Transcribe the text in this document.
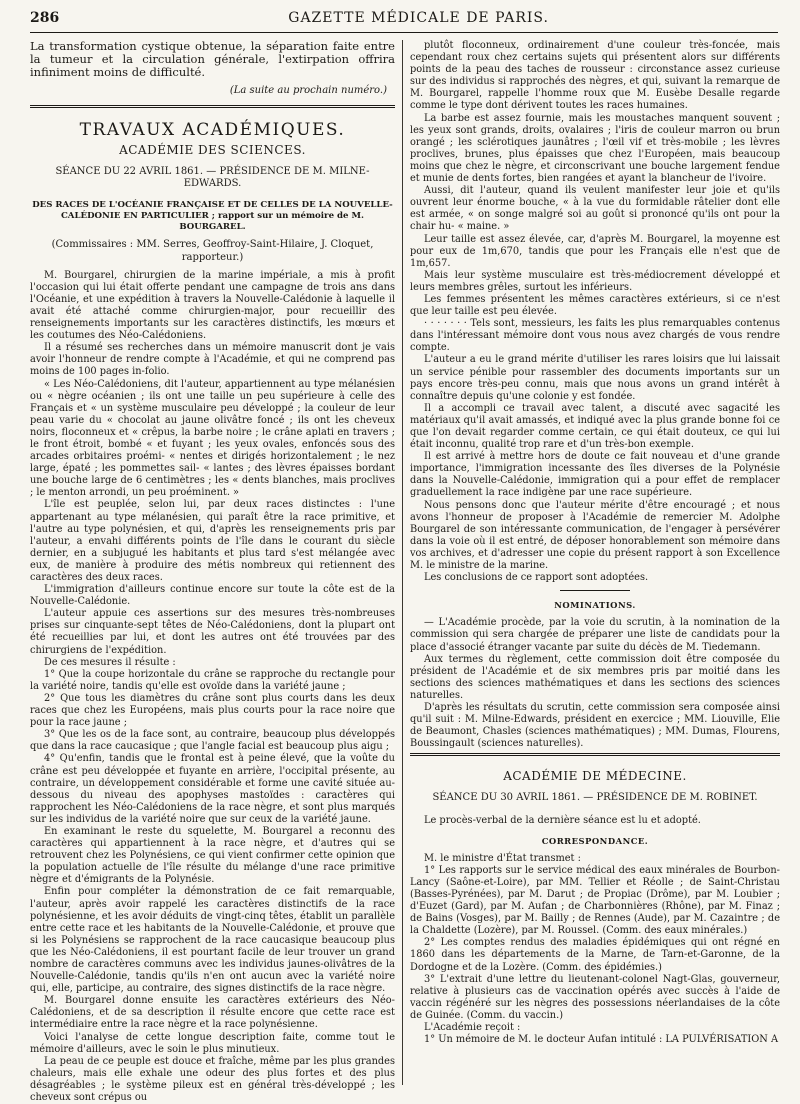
286	GAZETTE MÉDICALE DE PARIS.

La transformation cystique obtenue, la séparation faite entre la tumeur et la circulation générale, l'extirpation offrira infiniment moins de difficulté.

(La suite au prochain numéro.)
TRAVAUX ACADÉMIQUES.
ACADÉMIE DES SCIENCES.
SÉANCE DU 22 AVRIL 1861. — PRÉSIDENCE DE M. MILNE-EDWARDS.
DES RACES DE L'OCÉANIE FRANÇAISE ET DE CELLES DE LA NOUVELLE-CALÉDONIE EN PARTICULIER ; rapport sur un mémoire de M. BOURGAREL.
(Commissaires : MM. Serres, Geoffroy-Saint-Hilaire, J. Cloquet, rapporteur.)

M. Bourgarel, chirurgien de la marine impériale, a mis à profit l'occasion qui lui était offerte pendant une campagne de trois ans dans l'Océanie, et une expédition à travers la Nouvelle-Calédonie à laquelle il avait été attaché comme chirurgien-major, pour recueillir des renseignements importants sur les caractères distinctifs, les mœurs et les coutumes des Néo-Calédoniens.

Il a résumé ses recherches dans un mémoire manuscrit dont je vais avoir l'honneur de rendre compte à l'Académie, et qui ne comprend pas moins de 100 pages in-folio.

« Les Néo-Calédoniens, dit l'auteur, appartiennent au type mélanésien ou « nègre océanien ; ils ont une taille un peu supérieure à celle des Français et « un système musculaire peu développé ; la couleur de leur peau varie du « chocolat au jaune olivâtre foncé ; ils ont les cheveux noirs, floconneux et « crêpus, la barbe noire ; le crâne aplati en travers ; le front étroit, bombé « et fuyant ; les yeux ovales, enfoncés sous des arcades orbitaires proémi- « nentes et dirigés horizontalement ; le nez large, épaté ; les pommettes sail- « lantes ; des lèvres épaisses bordant une bouche large de 6 centimètres ; les « dents blanches, mais proclives ; le menton arrondi, un peu proéminent. »

L'île est peuplée, selon lui, par deux races distinctes : l'une appartenant au type mélanésien, qui paraît être la race primitive, et l'autre au type polynésien, et qui, d'après les renseignements pris par l'auteur, a envahi différents points de l'île dans le courant du siècle dernier, en a subjugué les habitants et plus tard s'est mélangée avec eux, de manière à produire des métis nombreux qui retiennent des caractères des deux races.

L'immigration d'ailleurs continue encore sur toute la côte est de la Nouvelle-Calédonie.

L'auteur appuie ces assertions sur des mesures très-nombreuses prises sur cinquante-sept têtes de Néo-Calédoniens, dont la plupart ont été recueillies par lui, et dont les autres ont été trouvées par des chirurgiens de l'expédition.

De ces mesures il résulte :

1° Que la coupe horizontale du crâne se rapproche du rectangle pour la variété noire, tandis qu'elle est ovoïde dans la variété jaune ;

2° Que tous les diamètres du crâne sont plus courts dans les deux races que chez les Européens, mais plus courts pour la race noire que pour la race jaune ;

3° Que les os de la face sont, au contraire, beaucoup plus développés que dans la race caucasique ; que l'angle facial est beaucoup plus aigu ;

4° Qu'enfin, tandis que le frontal est à peine élevé, que la voûte du crâne est peu développée et fuyante en arrière, l'occipital présente, au contraire, un développement considérable et forme une cavité située au-dessous du niveau des apophyses mastoïdes : caractères qui rapprochent les Néo-Calédoniens de la race nègre, et sont plus marqués sur les individus de la variété noire que sur ceux de la variété jaune.

En examinant le reste du squelette, M. Bourgarel a reconnu des caractères qui appartiennent à la race nègre, et d'autres qui se retrouvent chez les Polynésiens, ce qui vient confirmer cette opinion que la population actuelle de l'île résulte du mélange d'une race primitive nègre et d'émigrants de la Polynésie.

Enfin pour compléter la démonstration de ce fait remarquable, l'auteur, après avoir rappelé les caractères distinctifs de la race polynésienne, et les avoir déduits de vingt-cinq têtes, établit un parallèle entre cette race et les habitants de la Nouvelle-Calédonie, et prouve que si les Polynésiens se rapprochent de la race caucasique beaucoup plus que les Néo-Calédoniens, il est pourtant facile de leur trouver un grand nombre de caractères communs avec les individus jaunes-olivâtres de la Nouvelle-Calédonie, tandis qu'ils n'en ont aucun avec la variété noire qui, elle, participe, au contraire, des signes distinctifs de la race nègre.

M. Bourgarel donne ensuite les caractères extérieurs des Néo-Calédoniens, et de sa description il résulte encore que cette race est intermédiaire entre la race nègre et la race polynésienne.

Voici l'analyse de cette longue description faite, comme tout le mémoire d'ailleurs, avec le soin le plus minutieux.

La peau de ce peuple est douce et fraîche, même par les plus grandes chaleurs, mais elle exhale une odeur des plus fortes et des plus désagréables ; le système pileux est en général très-développé ; les cheveux sont crépus ou

plutôt floconneux, ordinairement d'une couleur très-foncée, mais cependant roux chez certains sujets qui présentent alors sur différents points de la peau des taches de rousseur : circonstance assez curieuse sur des individus si rapprochés des nègres, et qui, suivant la remarque de M. Bourgarel, rappelle l'homme roux que M. Eusèbe Desalle regarde comme le type dont dérivent toutes les races humaines.

La barbe est assez fournie, mais les moustaches manquent souvent ; les yeux sont grands, droits, ovalaires ; l'iris de couleur marron ou brun orangé ; les sclérotiques jaunâtres ; l'œil vif et très-mobile ; les lèvres proclives, brunes, plus épaisses que chez l'Européen, mais beaucoup moins que chez le nègre, et circonscrivant une bouche largement fendue et munie de dents fortes, bien rangées et ayant la blancheur de l'ivoire.

Aussi, dit l'auteur, quand ils veulent manifester leur joie et qu'ils ouvrent leur énorme bouche, « à la vue du formidable râtelier dont elle est armée, « on songe malgré soi au goût si prononcé qu'ils ont pour la chair hu- « maine. »

Leur taille est assez élevée, car, d'après M. Bourgarel, la moyenne est pour eux de 1m,670, tandis que pour les Français elle n'est que de 1m,657.

Mais leur système musculaire est très-médiocrement développé et leurs membres grêles, surtout les inférieurs.

Les femmes présentent les mêmes caractères extérieurs, si ce n'est que leur taille est peu élevée.

· · · · · · · Tels sont, messieurs, les faits les plus remarquables contenus dans l'intéressant mémoire dont vous nous avez chargés de vous rendre compte.

L'auteur a eu le grand mérite d'utiliser les rares loisirs que lui laissait un service pénible pour rassembler des documents importants sur un pays encore très-peu connu, mais que nous avons un grand intérêt à connaître depuis qu'une colonie y est fondée.

Il a accompli ce travail avec talent, a discuté avec sagacité les matériaux qu'il avait amassés, et indiqué avec la plus grande bonne foi ce que l'on devait regarder comme certain, ce qui était douteux, ce qui lui était inconnu, qualité trop rare et d'un très-bon exemple.

Il est arrivé à mettre hors de doute ce fait nouveau et d'une grande importance, l'immigration incessante des îles diverses de la Polynésie dans la Nouvelle-Calédonie, immigration qui a pour effet de remplacer graduellement la race indigène par une race supérieure.

Nous pensons donc que l'auteur mérite d'être encouragé ; et nous avons l'honneur de proposer à l'Académie de remercier M. Adolphe Bourgarel de son intéressante communication, de l'engager à persévérer dans la voie où il est entré, de déposer honorablement son mémoire dans vos archives, et d'adresser une copie du présent rapport à son Excellence M. le ministre de la marine.

Les conclusions de ce rapport sont adoptées.

NOMINATIONS.

— L'Académie procède, par la voie du scrutin, à la nomination de la commission qui sera chargée de préparer une liste de candidats pour la place d'associé étranger vacante par suite du décès de M. Tiedemann.

Aux termes du règlement, cette commission doit être composée du président de l'Académie et de six membres pris par moitié dans les sections des sciences mathématiques et dans les sections des sciences naturelles.

D'après les résultats du scrutin, cette commission sera composée ainsi qu'il suit : M. Milne-Edwards, président en exercice ; MM. Liouville, Elie de Beaumont, Chasles (sciences mathématiques) ; MM. Dumas, Flourens, Boussingault (sciences naturelles).

ACADÉMIE DE MÉDECINE.
SÉANCE DU 30 AVRIL 1861. — PRÉSIDENCE DE M. ROBINET.

Le procès-verbal de la dernière séance est lu et adopté.

CORRESPONDANCE.

M. le ministre d'État transmet :

1° Les rapports sur le service médical des eaux minérales de Bourbon-Lancy (Saône-et-Loire), par MM. Tellier et Réolle ; de Saint-Christau (Basses-Pyrénées), par M. Darut ; de Propiac (Drôme), par M. Loubier ; d'Euzet (Gard), par M. Aufan ; de Charbonnières (Rhône), par M. Finaz ; de Bains (Vosges), par M. Bailly ; de Rennes (Aude), par M. Cazaintre ; de la Chaldette (Lozère), par M. Roussel. (Comm. des eaux minérales.)

2° Les comptes rendus des maladies épidémiques qui ont régné en 1860 dans les départements de la Marne, de Tarn-et-Garonne, de la Dordogne et de la Lozère. (Comm. des épidémies.)

3° L'extrait d'une lettre du lieutenant-colonel Nagt-Glas, gouverneur, relative à plusieurs cas de vaccination opérés avec succès à l'aide de vaccin régénéré sur les nègres des possessions néerlandaises de la côte de Guinée. (Comm. du vaccin.)

L'Académie reçoit :

1° Un mémoire de M. le docteur Aufan intitulé : LA PULVÉRISATION A
